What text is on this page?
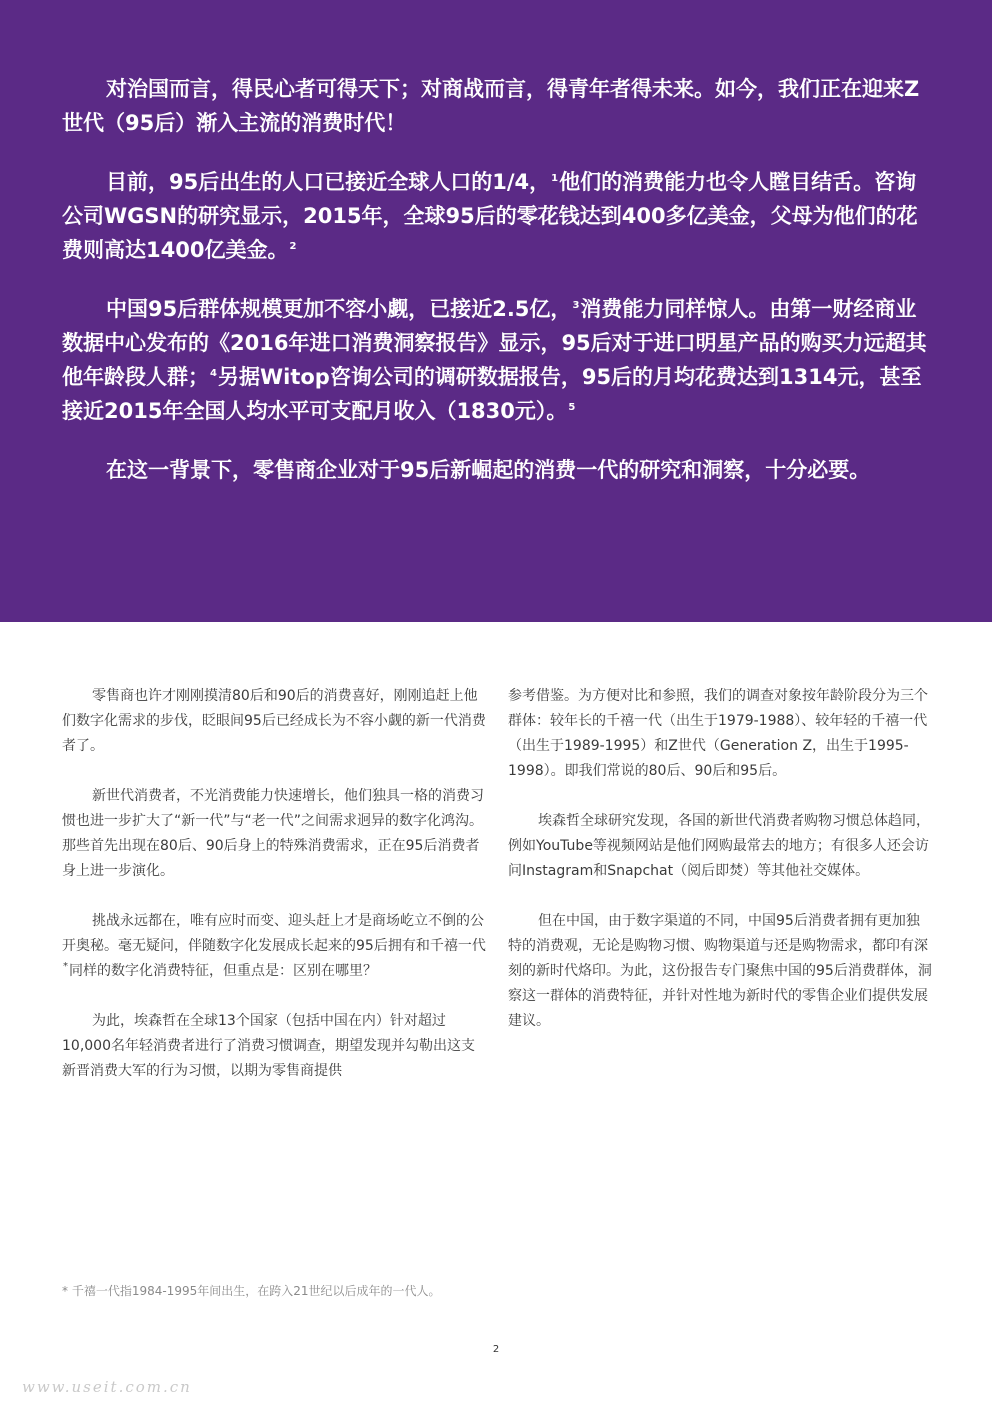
对治国而言，得民心者可得天下；对商战而言，得青年者得未来。如今，我们正在迎来Z世代（95后）渐入主流的消费时代！

目前，95后出生的人口已接近全球人口的1/4，$^1$他们的消费能力也令人瞠目结舌。咨询公司WGSN的研究显示，2015年，全球95后的零花钱达到400多亿美金，父母为他们的花费则高达1400亿美金。$^2$

中国95后群体规模更加不容小觑，已接近2.5亿，$^3$消费能力同样惊人。由第一财经商业数据中心发布的《2016年进口消费洞察报告》显示，95后对于进口明星产品的购买力远超其他年龄段人群；$^4$另据Witop咨询公司的调研数据报告，95后的月均花费达到1314元，甚至接近2015年全国人均水平可支配月收入（1830元）。$^5$

在这一背景下，零售商企业对于95后新崛起的消费一代的研究和洞察，十分必要。

零售商也许才刚刚摸清80后和90后的消费喜好，刚刚追赶上他们数字化需求的步伐，眨眼间95后已经成长为不容小觑的新一代消费者了。

新世代消费者，不光消费能力快速增长，他们独具一格的消费习惯也进一步扩大了“新一代”与“老一代”之间需求迥异的数字化鸿沟。那些首先出现在80后、90后身上的特殊消费需求，正在95后消费者身上进一步演化。

挑战永远都在，唯有应时而变、迎头赶上才是商场屹立不倒的公开奥秘。毫无疑问，伴随数字化发展成长起来的95后拥有和千禧一代*同样的数字化消费特征，但重点是：区别在哪里？

为此，埃森哲在全球13个国家（包括中国在内）针对超过10,000名年轻消费者进行了消费习惯调查，期望发现并勾勒出这支新晋消费大军的行为习惯，以期为零售商提供

参考借鉴。为方便对比和参照，我们的调查对象按年龄阶段分为三个群体：较年长的千禧一代（出生于1979-1988）、较年轻的千禧一代（出生于1989-1995）和Z世代（Generation Z，出生于1995-1998）。即我们常说的80后、90后和95后。

埃森哲全球研究发现，各国的新世代消费者购物习惯总体趋同，例如YouTube等视频网站是他们网购最常去的地方；有很多人还会访问Instagram和Snapchat（阅后即焚）等其他社交媒体。

但在中国，由于数字渠道的不同，中国95后消费者拥有更加独特的消费观，无论是购物习惯、购物渠道与还是购物需求，都印有深刻的新时代烙印。为此，这份报告专门聚焦中国的95后消费群体，洞察这一群体的消费特征，并针对性地为新时代的零售企业们提供发展建议。

* 千禧一代指1984-1995年间出生，在跨入21世纪以后成年的一代人。
2
www.useit.com.cn
